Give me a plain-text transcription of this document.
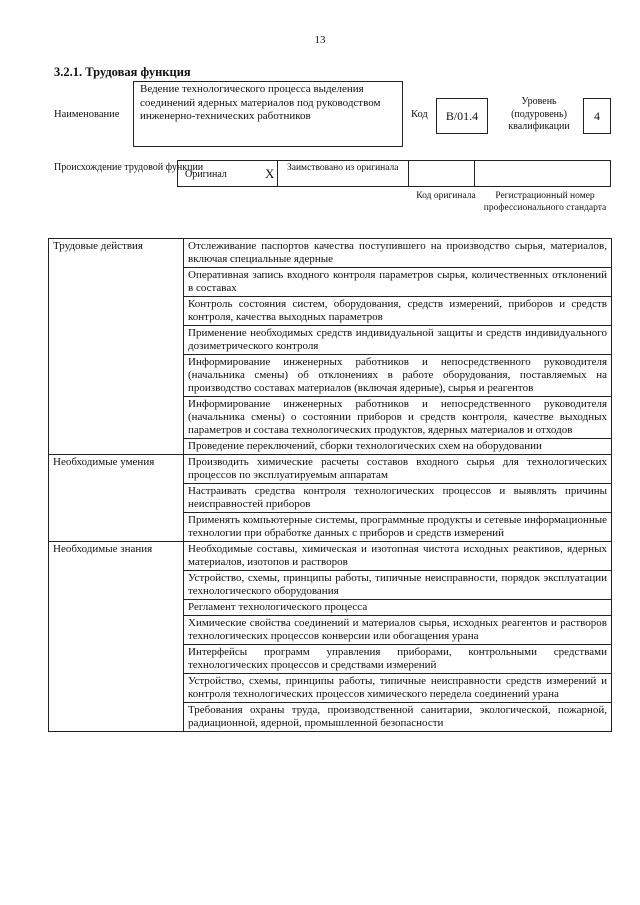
13
3.2.1. Трудовая функция
Наименование
Ведение технологического процесса выделения соединений ядерных материалов под руководством инженерно-технических работников	Код	В/01.4
Уровень (подуровень) квалификации
4
Происхождение трудовой функции
Оригинал	Х Заимствовано из оригинала
Код оригинала	Регистрационный номер профессионального стандарта
Трудовые действия	Отслеживание паспортов качества поступившего на производство сырья, материалов, включая специальные ядерные
	Оперативная запись входного контроля параметров сырья, количественных отклонений в составах
	Контроль состояния систем, оборудования, средств измерений, приборов и средств контроля, качества выходных параметров
	Применение необходимых средств индивидуальной защиты и средств индивидуального дозиметрического контроля
	Информирование инженерных работников и непосредственного руководителя (начальника смены) об отклонениях в работе оборудования, поставляемых на производство составах материалов (включая ядерные), сырья и реагентов
	Информирование инженерных работников и непосредственного руководителя (начальника смены) о состоянии приборов и средств контроля, качестве выходных параметров и состава технологических продуктов, ядерных материалов и отходов
	Проведение переключений, сборки технологических схем на оборудовании
Необходимые умения	Производить химические расчеты составов входного сырья для технологических процессов по эксплуатируемым аппаратам
	Настраивать средства контроля технологических процессов и выявлять причины неисправностей приборов
	Применять компьютерные системы, программные продукты и сетевые информационные технологии при обработке данных с приборов и средств измерений
Необходимые знания	Необходимые составы, химическая и изотопная чистота исходных реактивов, ядерных материалов, изотопов и растворов
	Устройство, схемы, принципы работы, типичные неисправности, порядок эксплуатации технологического оборудования
	Регламент технологического процесса
	Химические свойства соединений и материалов сырья, исходных реагентов и растворов технологических процессов конверсии или обогащения урана
	Интерфейсы программ управления приборами, контрольными средствами технологических процессов и средствами измерений
	Устройство, схемы, принципы работы, типичные неисправности средств измерений и контроля технологических процессов химического передела соединений урана
	Требования охраны труда, производственной санитарии, экологической, пожарной, радиационной, ядерной, промышленной безопасности
